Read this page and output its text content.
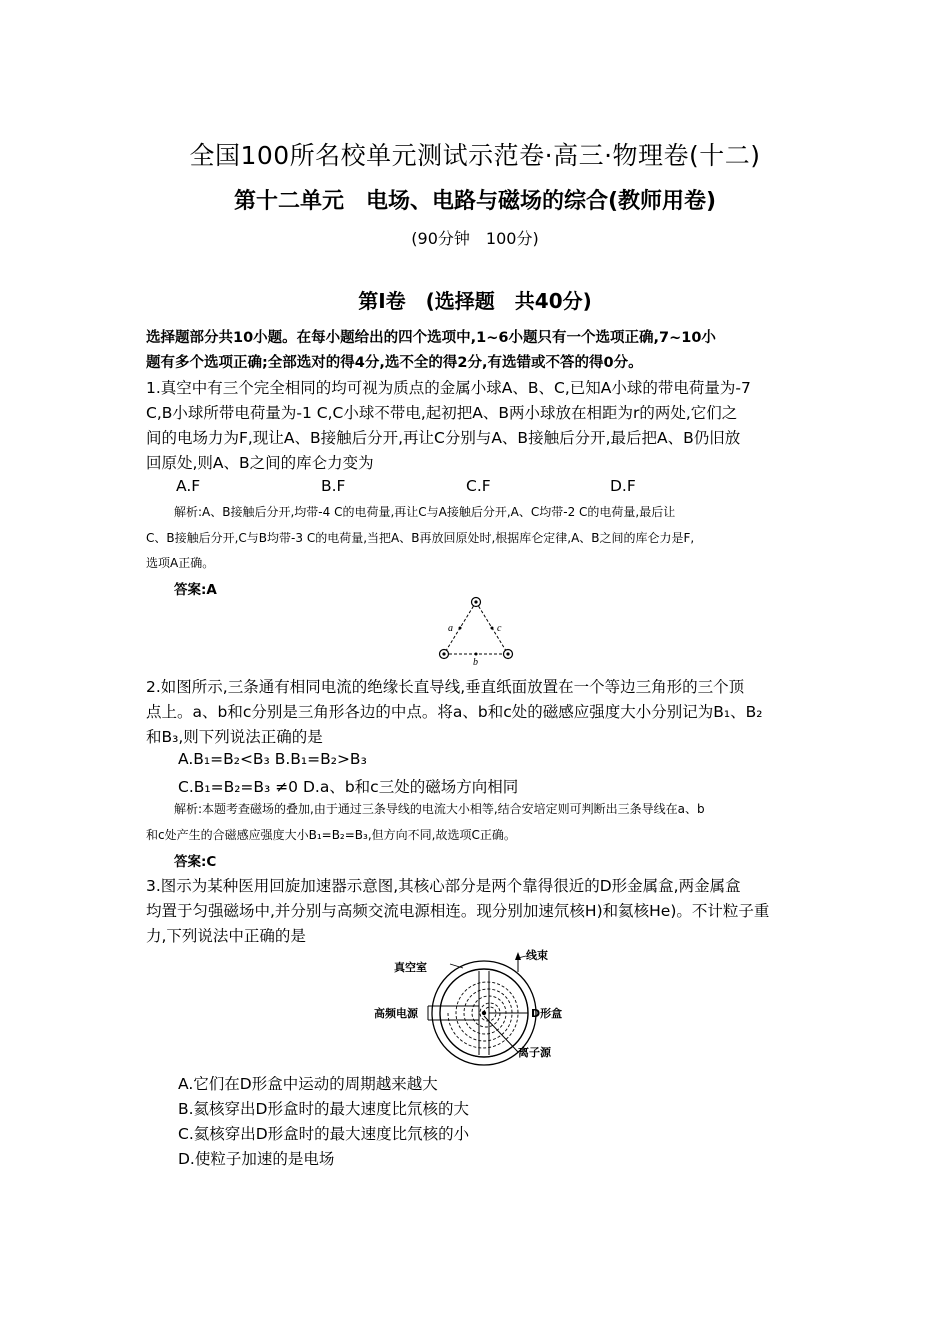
全国100所名校单元测试示范卷·高三·物理卷(十二)
第十二单元　电场、电路与磁场的综合(教师用卷)
(90分钟　100分)
第Ⅰ卷　(选择题　共40分)
选择题部分共10小题。在每小题给出的四个选项中,1~6小题只有一个选项正确,7~10小
题有多个选项正确;全部选对的得4分,选不全的得2分,有选错或不答的得0分。
1.真空中有三个完全相同的均可视为质点的金属小球A、B、C,已知A小球的带电荷量为-7
C,B小球所带电荷量为-1 C,C小球不带电,起初把A、B两小球放在相距为r的两处,它们之
间的电场力为F,现让A、B接触后分开,再让C分别与A、B接触后分开,最后把A、B仍旧放
回原处,则A、B之间的库仑力变为
A.F	B.F	C.F	D.F
解析:A、B接触后分开,均带-4 C的电荷量,再让C与A接触后分开,A、C均带-2 C的电荷量,最后让
C、B接触后分开,C与B均带-3 C的电荷量,当把A、B再放回原处时,根据库仑定律,A、B之间的库仑力是F,
选项A正确。
答案:A
a	c
b
2.如图所示,三条通有相同电流的绝缘长直导线,垂直纸面放置在一个等边三角形的三个顶
点上。a、b和c分别是三角形各边的中点。将a、b和c处的磁感应强度大小分别记为B₁、B₂
和B₃,则下列说法正确的是
A.B₁=B₂<B₃ B.B₁=B₂>B₃
C.B₁=B₂=B₃ ≠0 D.a、b和c三处的磁场方向相同
解析:本题考查磁场的叠加,由于通过三条导线的电流大小相等,结合安培定则可判断出三条导线在a、b
和c处产生的合磁感应强度大小B₁=B₂=B₃,但方向不同,故选项C正确。
答案:C
3.图示为某种医用回旋加速器示意图,其核心部分是两个靠得很近的D形金属盒,两金属盒
均置于匀强磁场中,并分别与高频交流电源相连。现分别加速氘核H)和氦核He)。不计粒子重
力,下列说法中正确的是
真空室
线束
高频电源	D形盒
离子源
A.它们在D形盒中运动的周期越来越大
B.氦核穿出D形盒时的最大速度比氘核的大
C.氦核穿出D形盒时的最大速度比氘核的小
D.使粒子加速的是电场
